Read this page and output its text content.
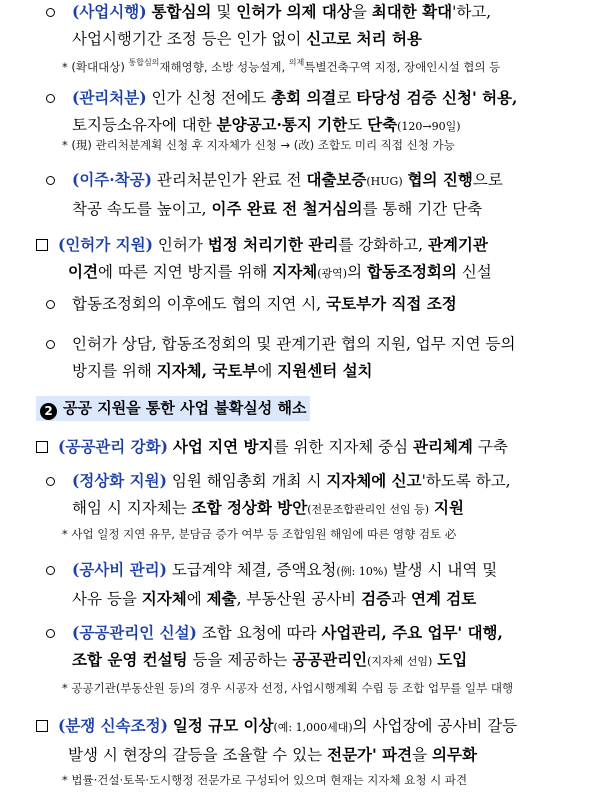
(사업시행) 통합심의 및 인허가 의제 대상을 최대한 확대'하고,
사업시행기간 조정 등은 인가 없이 신고로 처리 허용
* (확대대상) $^{통합심의}$재해영향, 소방 성능설계, $^{의제}$특별건축구역 지정, 장애인시설 협의 등
(관리처분) 인가 신청 전에도 총회 의결로 타당성 검증 신청' 허용,
토지등소유자에 대한 분양공고·통지 기한도 단축(120→90일)
* (現) 관리처분계획 신청 후 지자체가 신청 → (改) 조합도 미리 직접 신청 가능
(이주·착공) 관리처분인가 완료 전 대출보증(HUG) 협의 진행으로
착공 속도를 높이고, 이주 완료 전 철거심의를 통해 기간 단축
(인허가 지원) 인허가 법정 처리기한 관리를 강화하고, 관계기관
이견에 따른 지연 방지를 위해 지자체(광역)의 합동조정회의 신설
합동조정회의 이후에도 협의 지연 시, 국토부가 직접 조정
인허가 상담, 합동조정회의 및 관계기관 협의 지원, 업무 지연 등의
방지를 위해 지자체, 국토부에 지원센터 설치
2 공공 지원을 통한 사업 불확실성 해소
(공공관리 강화) 사업 지연 방지를 위한 지자체 중심 관리체계 구축
(정상화 지원) 임원 해임총회 개최 시 지자체에 신고'하도록 하고,
해임 시 지자체는 조합 정상화 방안(전문조합관리인 선임 등) 지원
* 사업 일정 지연 유무, 분담금 증가 여부 등 조합임원 해임에 따른 영향 검토 必
(공사비 관리) 도급계약 체결, 증액요청(例: 10%) 발생 시 내역 및
사유 등을 지자체에 제출, 부동산원 공사비 검증과 연계 검토
(공공관리인 신설) 조합 요청에 따라 사업관리, 주요 업무' 대행,
조합 운영 컨설팅 등을 제공하는 공공관리인(지자체 선임) 도입
* 공공기관(부동산원 등)의 경우 시공자 선정, 사업시행계획 수립 등 조합 업무를 일부 대행
(분쟁 신속조정) 일정 규모 이상(예: 1,000세대)의 사업장에 공사비 갈등
발생 시 현장의 갈등을 조율할 수 있는 전문가' 파견을 의무화
* 법률·건설·토목·도시행정 전문가로 구성되어 있으며 현재는 지자체 요청 시 파견
